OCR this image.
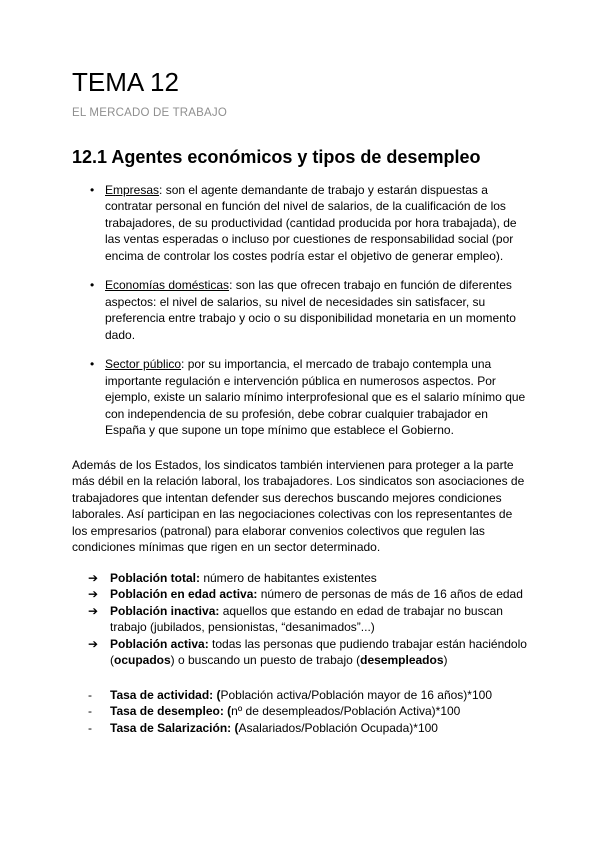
TEMA 12
EL MERCADO DE TRABAJO
12.1 Agentes económicos y tipos de desempleo
• Empresas: son el agente demandante de trabajo y estarán dispuestas a contratar personal en función del nivel de salarios, de la cualificación de los trabajadores, de su productividad (cantidad producida por hora trabajada), de las ventas esperadas o incluso por cuestiones de responsabilidad social (por encima de controlar los costes podría estar el objetivo de generar empleo).
• Economías domésticas: son las que ofrecen trabajo en función de diferentes aspectos: el nivel de salarios, su nivel de necesidades sin satisfacer, su preferencia entre trabajo y ocio o su disponibilidad monetaria en un momento dado.
• Sector público: por su importancia, el mercado de trabajo contempla una importante regulación e intervención pública en numerosos aspectos. Por ejemplo, existe un salario mínimo interprofesional que es el salario mínimo que con independencia de su profesión, debe cobrar cualquier trabajador en España y que supone un tope mínimo que establece el Gobierno.

Además de los Estados, los sindicatos también intervienen para proteger a la parte más débil en la relación laboral, los trabajadores. Los sindicatos son asociaciones de trabajadores que intentan defender sus derechos buscando mejores condiciones laborales. Así participan en las negociaciones colectivas con los representantes de los empresarios (patronal) para elaborar convenios colectivos que regulen las condiciones mínimas que rigen en un sector determinado.

➔ Población total: número de habitantes existentes
➔ Población en edad activa: número de personas de más de 16 años de edad
➔ Población inactiva: aquellos que estando en edad de trabajar no buscan trabajo (jubilados, pensionistas, “desanimados”...)
➔ Población activa: todas las personas que pudiendo trabajar están haciéndolo (ocupados) o buscando un puesto de trabajo (desempleados)
-	Tasa de actividad: (Población activa/Población mayor de 16 años)*100
-	Tasa de desempleo: (nº de desempleados/Población Activa)*100
-	Tasa de Salarización: (Asalariados/Población Ocupada)*100
